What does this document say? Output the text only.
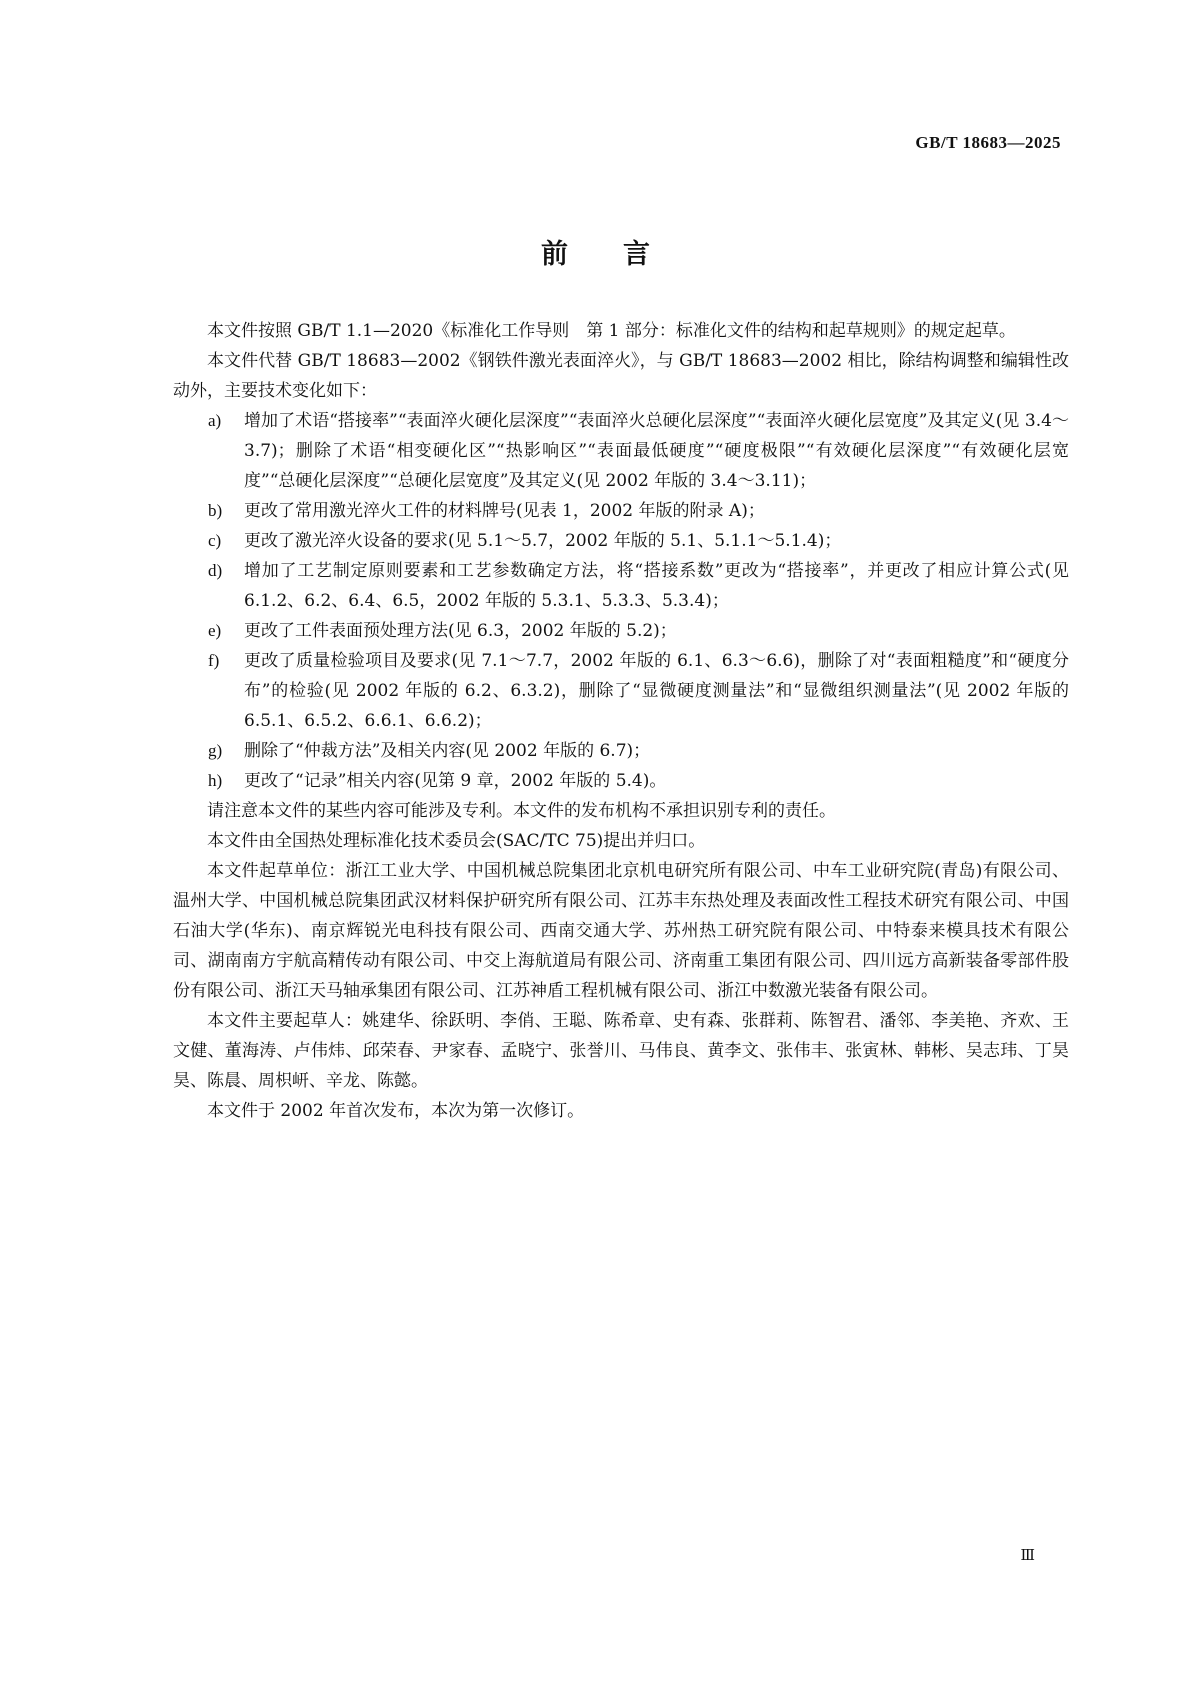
GB/T 18683—2025
前 言

本文件按照 GB/T 1.1—2020《标准化工作导则　第 1 部分：标准化文件的结构和起草规则》的规定起草。

本文件代替 GB/T 18683—2002《钢铁件激光表面淬火》，与 GB/T 18683—2002 相比，除结构调整和编辑性改动外，主要技术变化如下：

a) 增加了术语“搭接率”“表面淬火硬化层深度”“表面淬火总硬化层深度”“表面淬火硬化层宽度”及其定义(见 3.4～3.7)；删除了术语“相变硬化区”“热影响区”“表面最低硬度”“硬度极限”“有效硬化层深度”“有效硬化层宽度”“总硬化层深度”“总硬化层宽度”及其定义(见 2002 年版的 3.4～3.11)；
b) 更改了常用激光淬火工件的材料牌号(见表 1，2002 年版的附录 A)；
c) 更改了激光淬火设备的要求(见 5.1～5.7，2002 年版的 5.1、5.1.1～5.1.4)；
d) 增加了工艺制定原则要素和工艺参数确定方法，将“搭接系数”更改为“搭接率”，并更改了相应计算公式(见 6.1.2、6.2、6.4、6.5，2002 年版的 5.3.1、5.3.3、5.3.4)；
e) 更改了工件表面预处理方法(见 6.3，2002 年版的 5.2)；
f) 更改了质量检验项目及要求(见 7.1～7.7，2002 年版的 6.1、6.3～6.6)，删除了对“表面粗糙度”和“硬度分布”的检验(见 2002 年版的 6.2、6.3.2)，删除了“显微硬度测量法”和“显微组织测量法”(见 2002 年版的 6.5.1、6.5.2、6.6.1、6.6.2)；
g) 删除了“仲裁方法”及相关内容(见 2002 年版的 6.7)；
h) 更改了“记录”相关内容(见第 9 章，2002 年版的 5.4)。

请注意本文件的某些内容可能涉及专利。本文件的发布机构不承担识别专利的责任。

本文件由全国热处理标准化技术委员会(SAC/TC 75)提出并归口。

本文件起草单位：浙江工业大学、中国机械总院集团北京机电研究所有限公司、中车工业研究院(青岛)有限公司、温州大学、中国机械总院集团武汉材料保护研究所有限公司、江苏丰东热处理及表面改性工程技术研究有限公司、中国石油大学(华东)、南京辉锐光电科技有限公司、西南交通大学、苏州热工研究院有限公司、中特泰来模具技术有限公司、湖南南方宇航高精传动有限公司、中交上海航道局有限公司、济南重工集团有限公司、四川远方高新装备零部件股份有限公司、浙江天马轴承集团有限公司、江苏神盾工程机械有限公司、浙江中数激光装备有限公司。

本文件主要起草人：姚建华、徐跃明、李俏、王聪、陈希章、史有森、张群莉、陈智君、潘邻、李美艳、齐欢、王文健、董海涛、卢伟炜、邱荣春、尹家春、孟晓宁、张誉川、马伟良、黄李文、张伟丰、张寅林、韩彬、吴志玮、丁昊昊、陈晨、周枳岍、辛龙、陈懿。

本文件于 2002 年首次发布，本次为第一次修订。

Ⅲ
